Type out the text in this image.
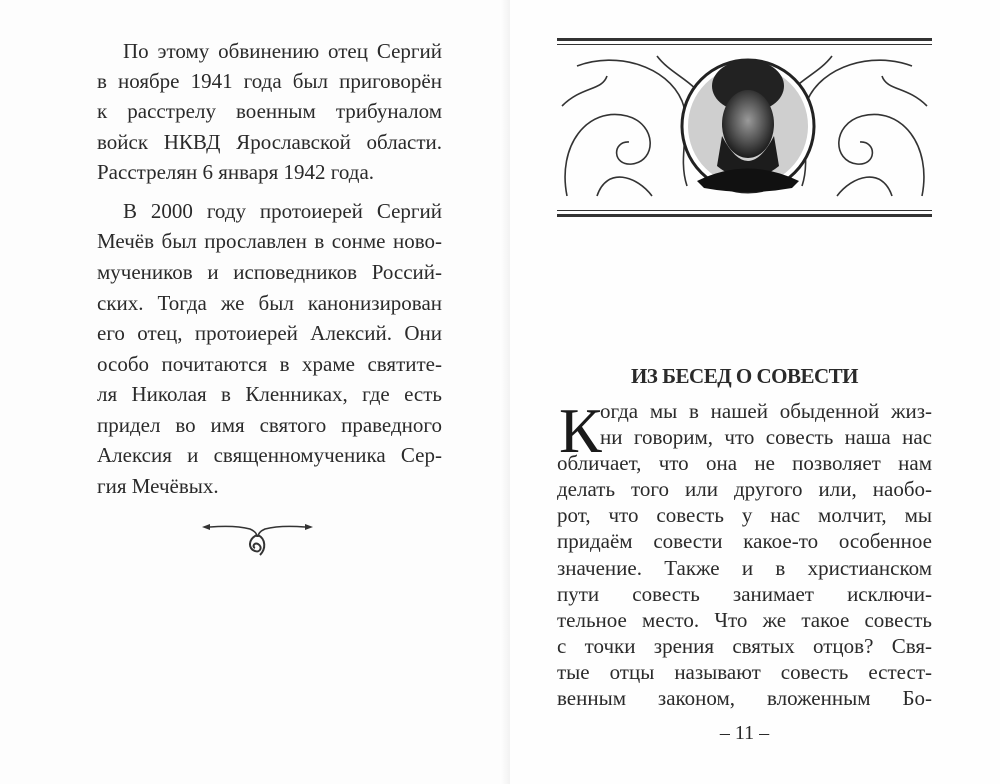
По этому обвинению отец Сергий
в ноябре 1941 года был приговорён
к расстрелу военным трибуналом
войск НКВД Ярославской области.
Расстрелян 6 января 1942 года.
В 2000 году протоиерей Сергий
Мечёв был прославлен в сонме ново-
мучеников и исповедников Россий-
ских. Тогда же был канонизирован
его отец, протоиерей Алексий. Они
особо почитаются в храме святите-
ля Николая в Кленниках, где есть
придел во имя святого праведного
Алексия и священномученика Сер-
гия Мечёвых.
ИЗ БЕСЕД О СОВЕСТИ
К
огда мы в нашей обыденной жиз-
ни говорим, что совесть наша нас
обличает, что она не позволяет нам
делать того или другого или, наобо-
рот, что совесть у нас молчит, мы
придаём совести какое-то особенное
значение. Также и в христианском
пути совесть занимает исключи-
тельное место. Что же такое совесть
с точки зрения святых отцов? Свя-
тые отцы называют совесть естест-
венным законом, вложенным Бо-
– 11 –
